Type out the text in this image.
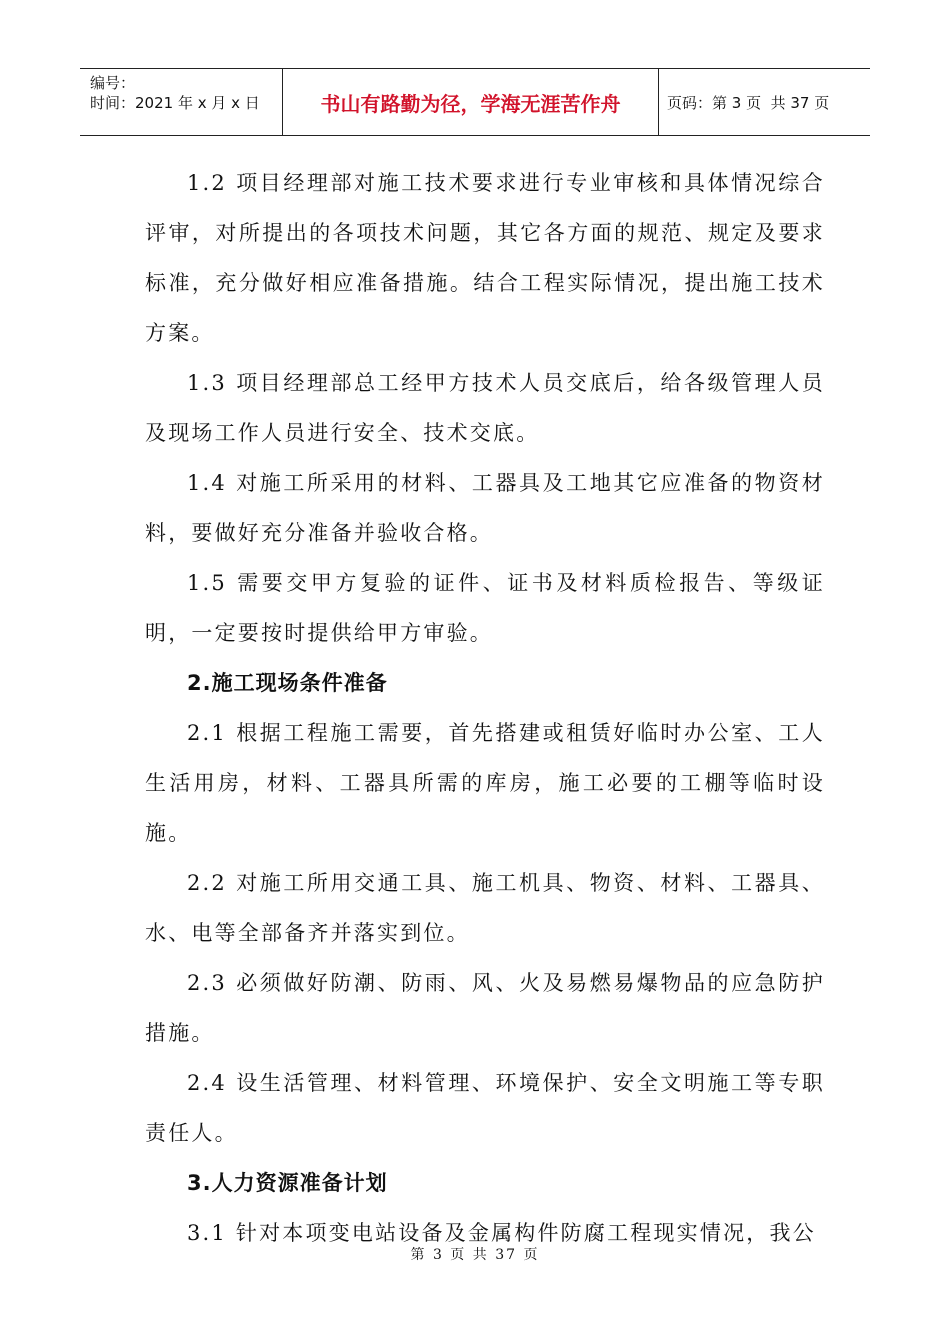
编号：
时间：2021 年 x 月 x 日	书山有路勤为径，学海无涯苦作舟	页码：第 3 页  共 37 页

1.2 项目经理部对施工技术要求进行专业审核和具体情况综合评审，对所提出的各项技术问题，其它各方面的规范、规定及要求标准，充分做好相应准备措施。结合工程实际情况，提出施工技术方案。

1.3 项目经理部总工经甲方技术人员交底后，给各级管理人员及现场工作人员进行安全、技术交底。

1.4 对施工所采用的材料、工器具及工地其它应准备的物资材料，要做好充分准备并验收合格。

1.5 需要交甲方复验的证件、证书及材料质检报告、等级证明，一定要按时提供给甲方审验。

2.施工现场条件准备

2.1 根据工程施工需要，首先搭建或租赁好临时办公室、工人生活用房，材料、工器具所需的库房，施工必要的工棚等临时设施。

2.2 对施工所用交通工具、施工机具、物资、材料、工器具、水、电等全部备齐并落实到位。

2.3 必须做好防潮、防雨、风、火及易燃易爆物品的应急防护措施。

2.4 设生活管理、材料管理、环境保护、安全文明施工等专职责任人。

3.人力资源准备计划

3.1 针对本项变电站设备及金属构件防腐工程现实情况，我公

第 3 页 共 37 页
